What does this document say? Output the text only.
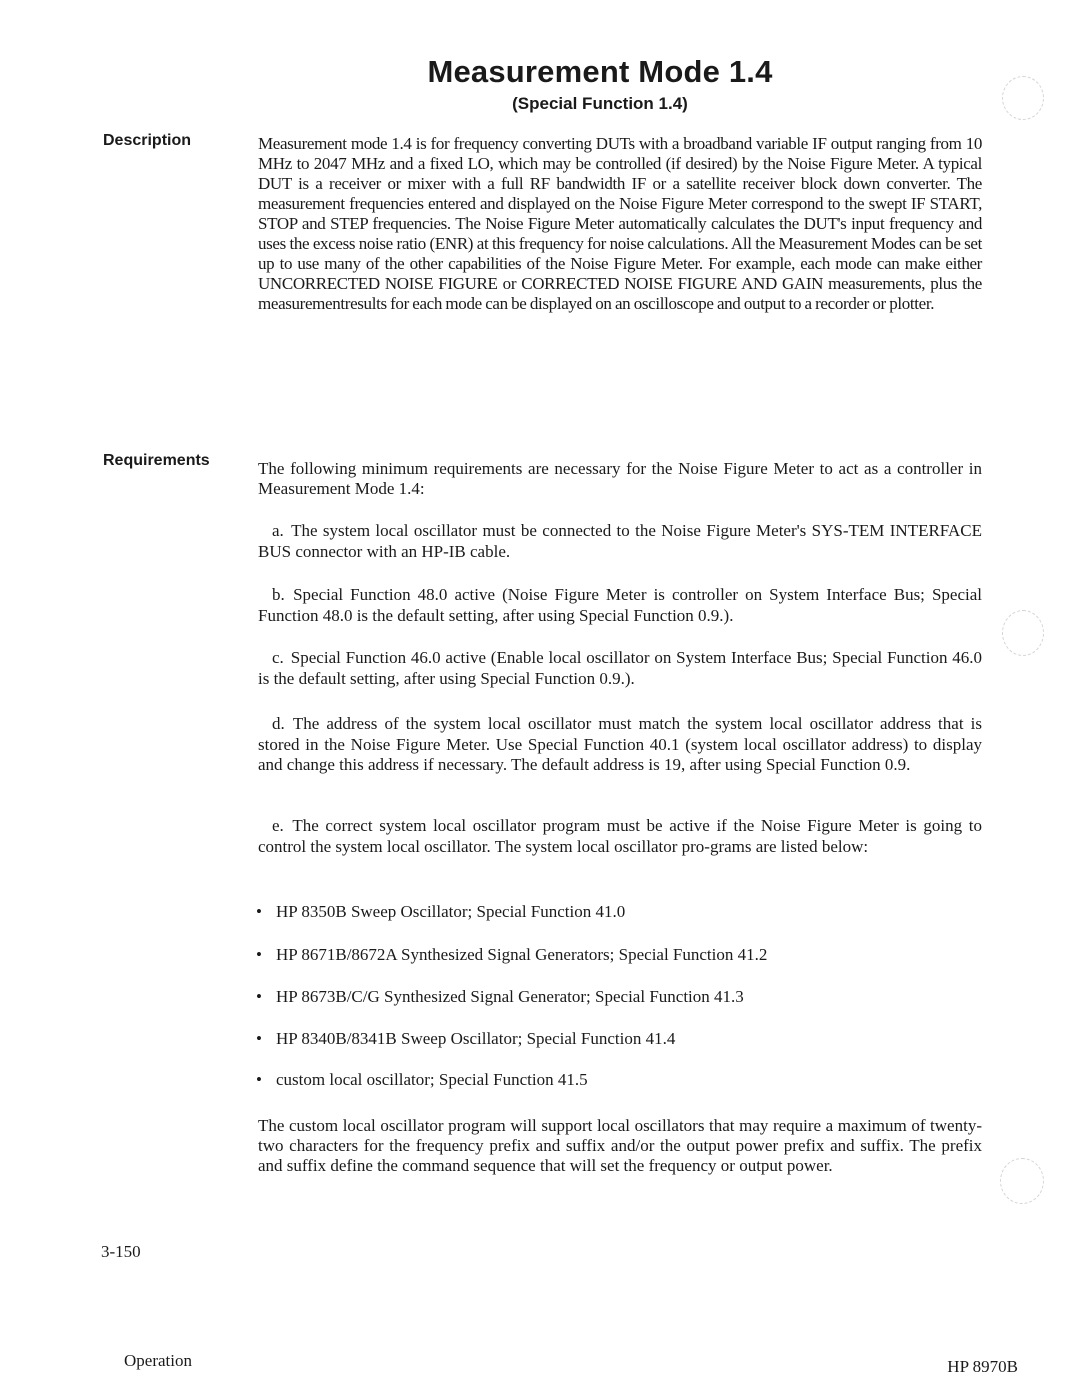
Measurement Mode 1.4
(Special Function 1.4)
Description	Measurement mode 1.4 is for frequency converting DUTs with a broadband variable IF output ranging from 10 MHz to 2047 MHz and a fixed LO, which may be controlled (if desired) by the Noise Figure Meter. A typical DUT is a receiver or mixer with a full RF bandwidth IF or a satellite receiver block down converter. The measurement frequencies entered and displayed on the Noise Figure Meter correspond to the swept IF START, STOP and STEP frequencies. The Noise Figure Meter automatically calculates the DUT's input frequency and uses the excess noise ratio (ENR) at this frequency for noise calculations. All the Measurement Modes can be set up to use many of the other capabilities of the Noise Figure Meter. For example, each mode can make either UNCORRECTED NOISE FIGURE or CORRECTED NOISE FIGURE AND GAIN measurements, plus the measurementresults for each mode can be displayed on an oscilloscope and output to a recorder or plotter.

Requirements	The following minimum requirements are necessary for the Noise Figure Meter to act as a controller in Measurement Mode 1.4:

a. The system local oscillator must be connected to the Noise Figure Meter's SYS-TEM INTERFACE BUS connector with an HP-IB cable.

b. Special Function 48.0 active (Noise Figure Meter is controller on System Interface Bus; Special Function 48.0 is the default setting, after using Special Function 0.9.).

c. Special Function 46.0 active (Enable local oscillator on System Interface Bus; Special Function 46.0 is the default setting, after using Special Function 0.9.).

d. The address of the system local oscillator must match the system local oscillator address that is stored in the Noise Figure Meter. Use Special Function 40.1 (system local oscillator address) to display and change this address if necessary. The default address is 19, after using Special Function 0.9.

e. The correct system local oscillator program must be active if the Noise Figure Meter is going to control the system local oscillator. The system local oscillator pro-grams are listed below:

• HP 8350B Sweep Oscillator; Special Function 41.0

• HP 8671B/8672A Synthesized Signal Generators; Special Function 41.2

• HP 8673B/C/G Synthesized Signal Generator; Special Function 41.3

• HP 8340B/8341B Sweep Oscillator; Special Function 41.4

• custom local oscillator; Special Function 41.5

The custom local oscillator program will support local oscillators that may require a maximum of twenty-two characters for the frequency prefix and suffix and/or the output power prefix and suffix. The prefix and suffix define the command sequence that will set the frequency or output power.

3-150
Operation	HP 8970B
